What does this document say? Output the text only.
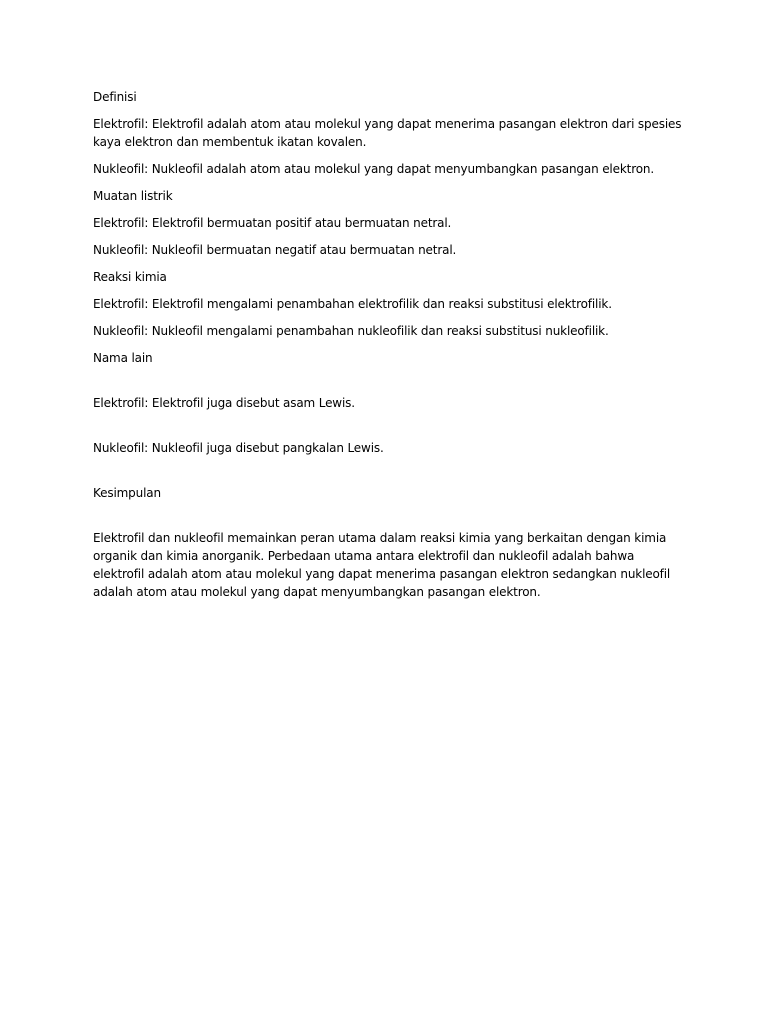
Definisi

Elektrofil: Elektrofil adalah atom atau molekul yang dapat menerima pasangan elektron dari spesies kaya elektron dan membentuk ikatan kovalen.

Nukleofil: Nukleofil adalah atom atau molekul yang dapat menyumbangkan pasangan elektron.

Muatan listrik

Elektrofil: Elektrofil bermuatan positif atau bermuatan netral.

Nukleofil: Nukleofil bermuatan negatif atau bermuatan netral.

Reaksi kimia

Elektrofil: Elektrofil mengalami penambahan elektrofilik dan reaksi substitusi elektrofilik.

Nukleofil: Nukleofil mengalami penambahan nukleofilik dan reaksi substitusi nukleofilik.

Nama lain

Elektrofil: Elektrofil juga disebut asam Lewis.

Nukleofil: Nukleofil juga disebut pangkalan Lewis.

Kesimpulan

Elektrofil dan nukleofil memainkan peran utama dalam reaksi kimia yang berkaitan dengan kimia organik dan kimia anorganik. Perbedaan utama antara elektrofil dan nukleofil adalah bahwa elektrofil adalah atom atau molekul yang dapat menerima pasangan elektron sedangkan nukleofil adalah atom atau molekul yang dapat menyumbangkan pasangan elektron.
